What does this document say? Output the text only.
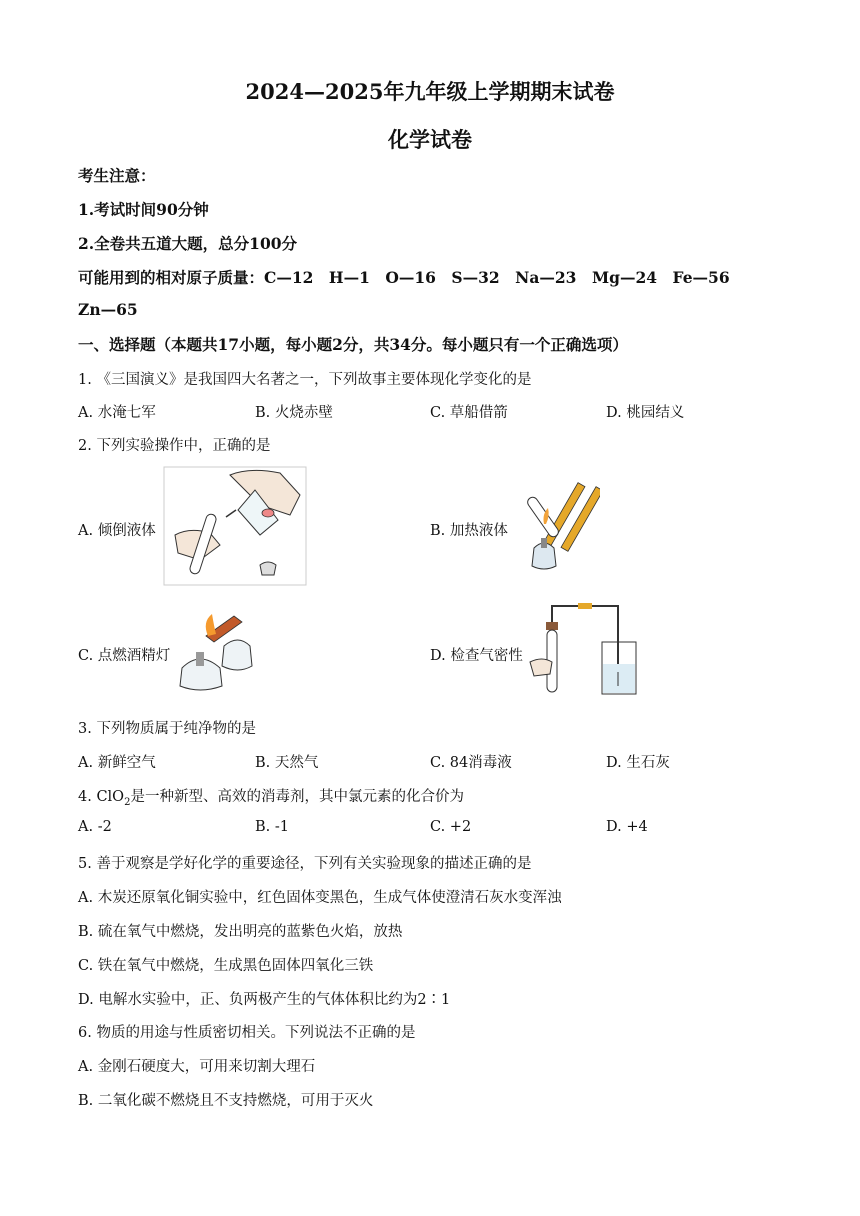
2024—2025年九年级上学期期末试卷
化学试卷
考生注意：
1.考试时间90分钟
2.全卷共五道大题，总分100分
可能用到的相对原子质量：C—12　H—1　O—16　S—32　Na—23　Mg—24　Fe—56
Zn—65
一、选择题（本题共17小题，每小题2分，共34分。每小题只有一个正确选项）
1. 《三国演义》是我国四大名著之一，下列故事主要体现化学变化的是
A. 水淹七军	B. 火烧赤壁	C. 草船借箭	D. 桃园结义
2. 下列实验操作中，正确的是
A. 倾倒液体	B. 加热液体
C. 点燃酒精灯	D. 检查气密性
3. 下列物质属于纯净物的是
A. 新鲜空气	B. 天然气	C. 84消毒液	D. 生石灰
4. ClO$_2$是一种新型、高效的消毒剂，其中氯元素的化合价为
A. -2	B. -1	C. +2	D. +4
5. 善于观察是学好化学的重要途径，下列有关实验现象的描述正确的是
A. 木炭还原氧化铜实验中，红色固体变黑色，生成气体使澄清石灰水变浑浊
B. 硫在氧气中燃烧，发出明亮的蓝紫色火焰，放热
C. 铁在氧气中燃烧，生成黑色固体四氧化三铁
D. 电解水实验中，正、负两极产生的气体体积比约为2∶1
6. 物质的用途与性质密切相关。下列说法不正确的是
A. 金刚石硬度大，可用来切割大理石
B. 二氧化碳不燃烧且不支持燃烧，可用于灭火
